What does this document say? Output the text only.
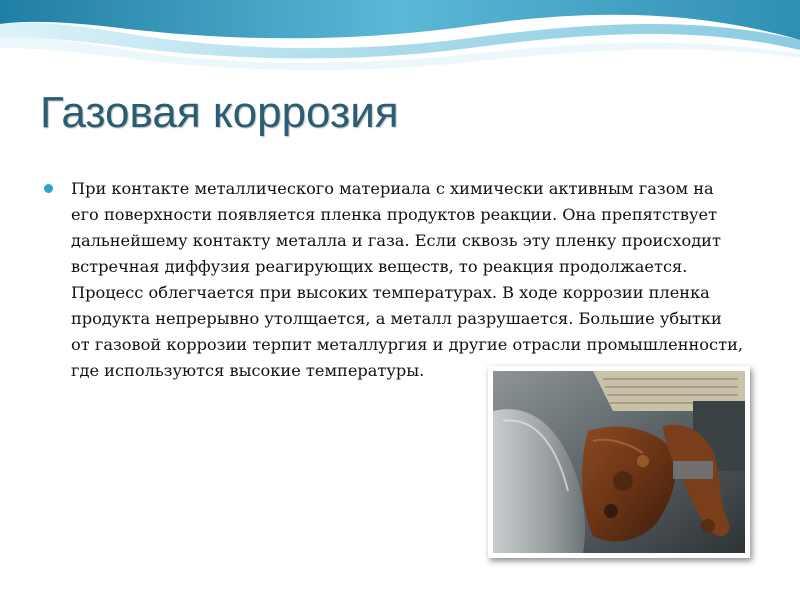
Газовая коррозия

При контакте металлического материала с химически активным газом на его поверхности появляется пленка продуктов реакции. Она препятствует дальнейшему контакту металла и газа. Если сквозь эту пленку происходит встречная диффузия реагирующих веществ, то реакция продолжается. Процесс облегчается при высоких температурах. В ходе коррозии пленка продукта непрерывно утолщается, а металл разрушается. Большие убытки от газовой коррозии терпит металлургия и другие отрасли промышленности, где используются высокие температуры.
